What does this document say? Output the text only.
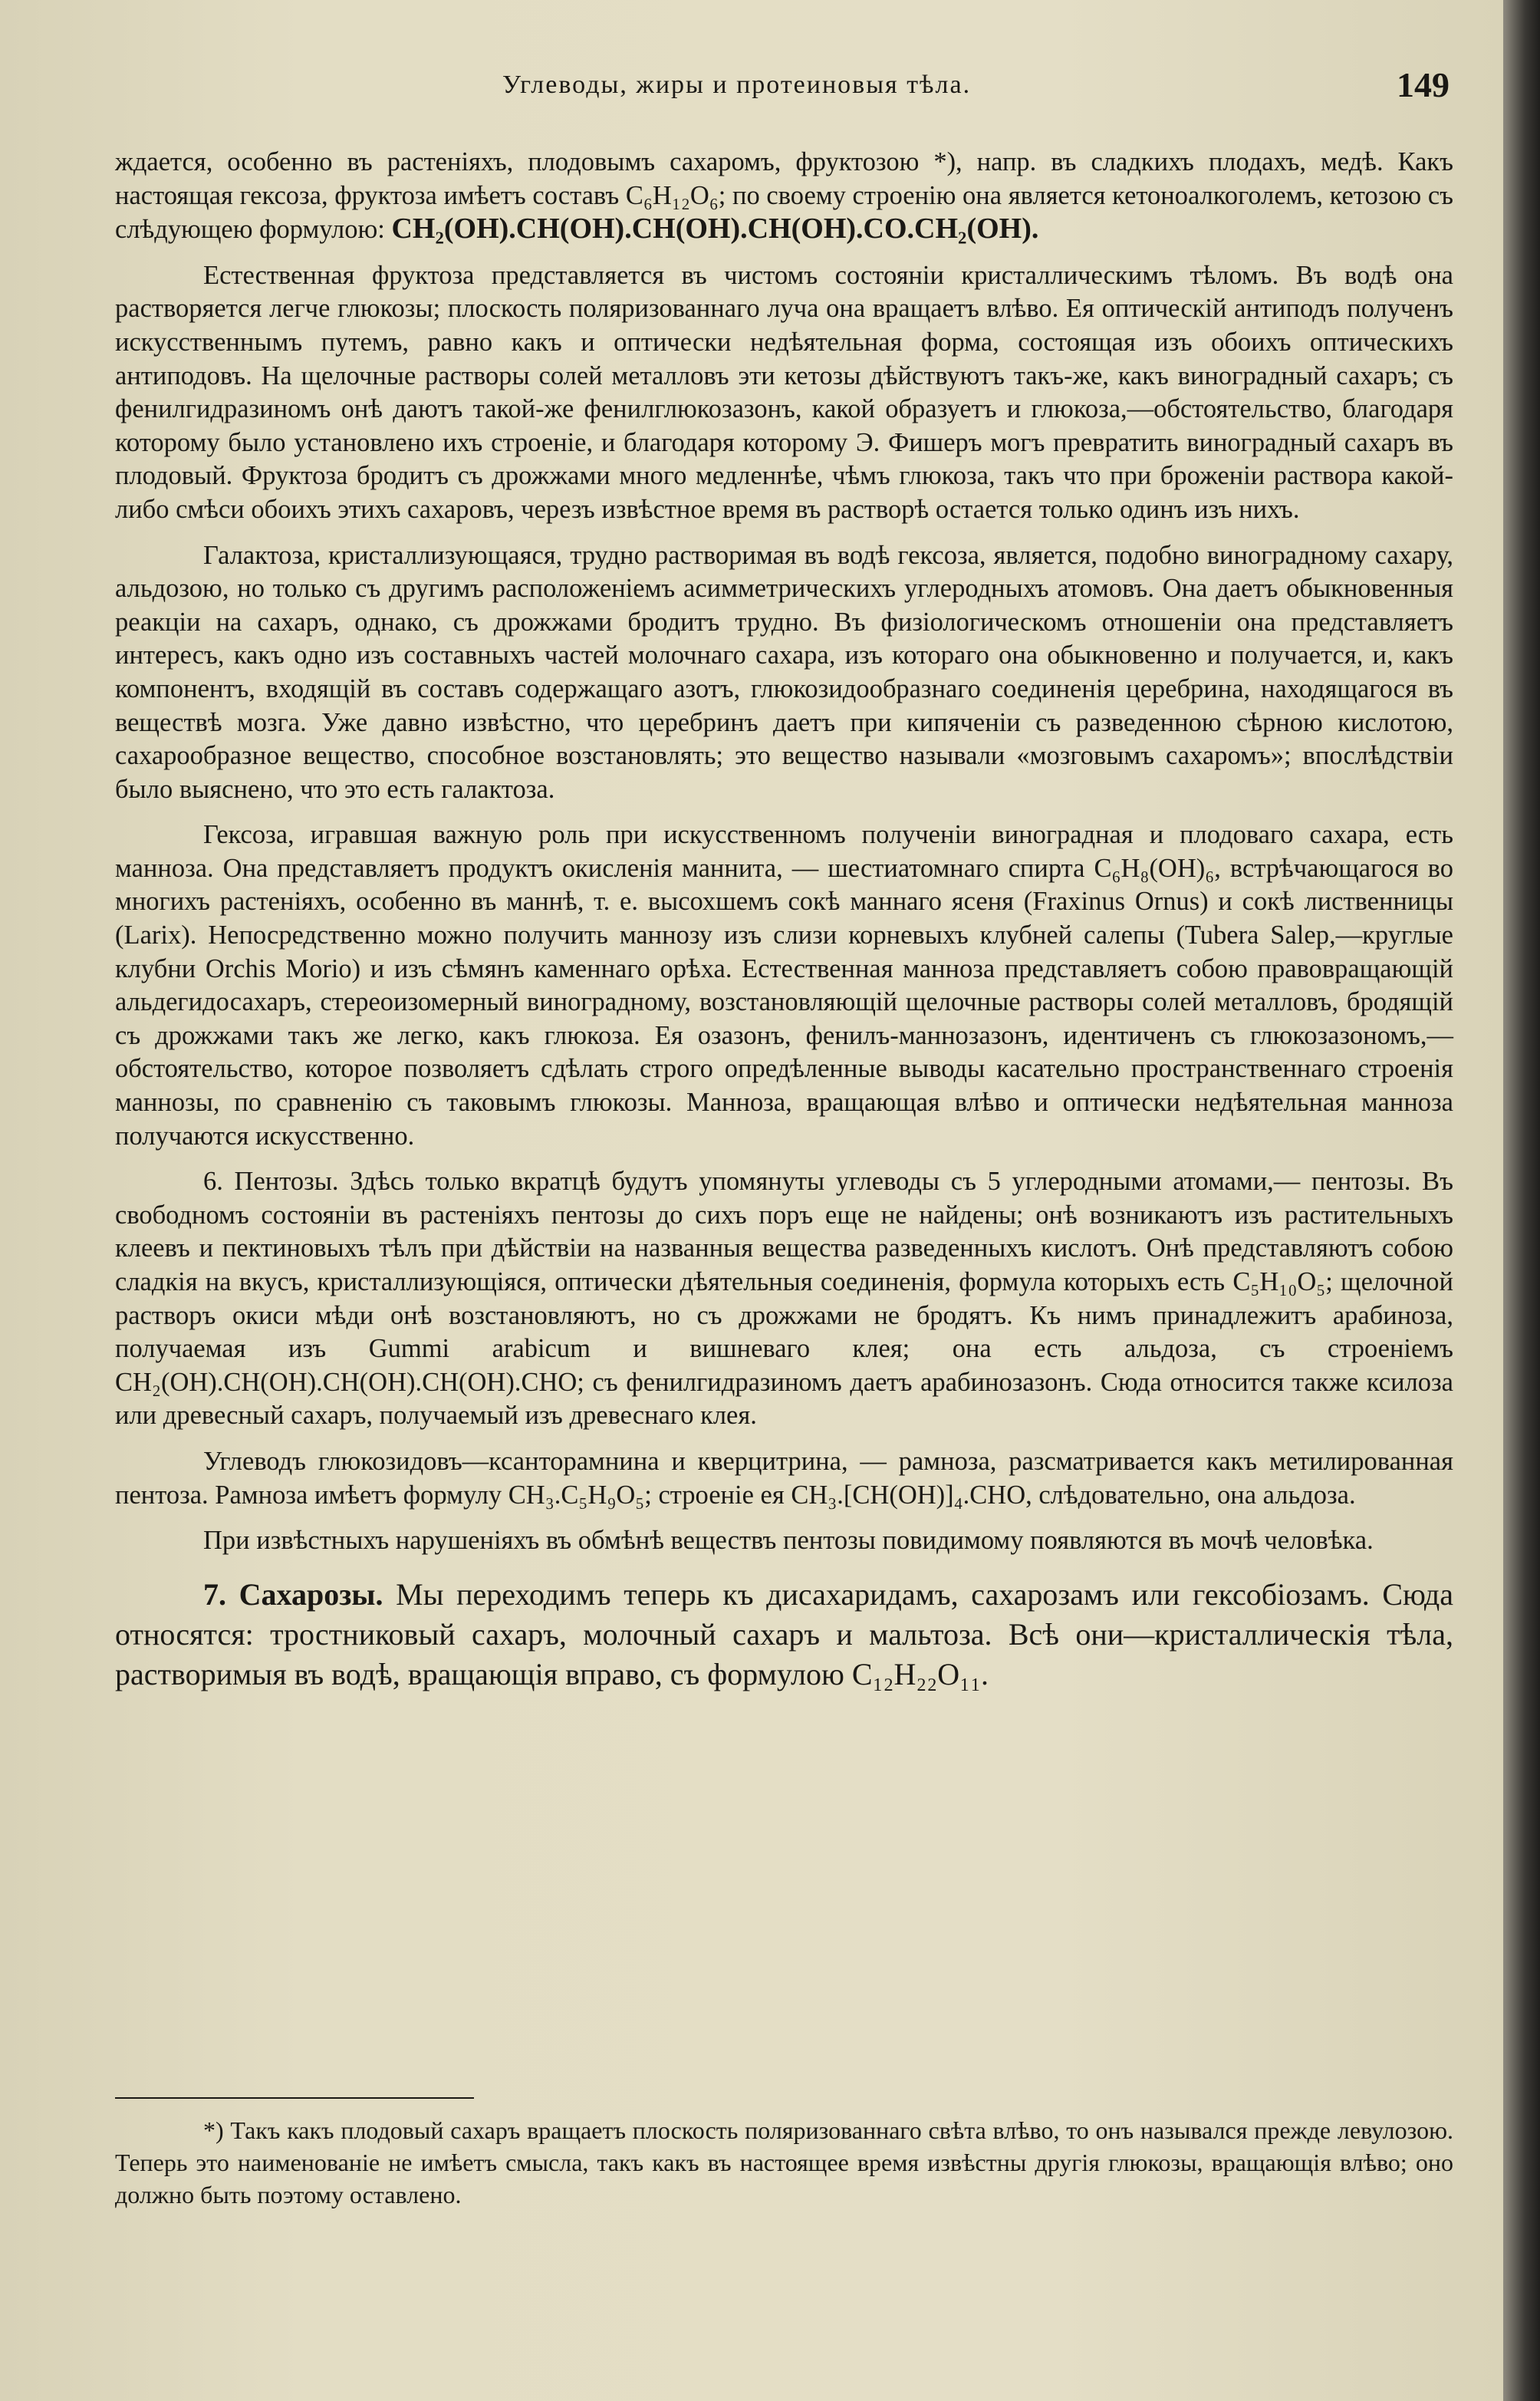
Углеводы, жиры и протеиновыя тѣла.	149

ждается, особенно въ растеніяхъ, плодовымъ сахаромъ, фруктозою *), напр. въ сладкихъ плодахъ, медѣ. Какъ настоящая гексоза, фруктоза имѣетъ составъ C₆H₁₂O₆; по своему строенію она является кетоноалкоголемъ, кетозою съ слѣдующею формулою: CH₂(OH).CH(OH).CH(OH).CH(OH).CO.CH₂(OH).

Естественная фруктоза представляется въ чистомъ состояніи кристаллическимъ тѣломъ. Въ водѣ она растворяется легче глюкозы; плоскость поляризованнаго луча она вращаетъ влѣво. Ея оптическій антиподъ полученъ искусственнымъ путемъ, равно какъ и оптически недѣятельная форма, состоящая изъ обоихъ оптическихъ антиподовъ. На щелочные растворы солей металловъ эти кетозы дѣйствуютъ такъ-же, какъ виноградный сахаръ; съ фенилгидразиномъ онѣ даютъ такой-же фенилглюкозазонъ, какой образуетъ и глюкоза,—обстоятельство, благодаря которому было установлено ихъ строеніе, и благодаря которому Э. Фишеръ могъ превратить виноградный сахаръ въ плодовый. Фруктоза бродитъ съ дрожжами много медленнѣе, чѣмъ глюкоза, такъ что при броженіи раствора какой-либо смѣси обоихъ этихъ сахаровъ, черезъ извѣстное время въ растворѣ остается только одинъ изъ нихъ.

Галактоза, кристаллизующаяся, трудно растворимая въ водѣ гексоза, является, подобно виноградному сахару, альдозою, но только съ другимъ расположеніемъ асимметрическихъ углеродныхъ атомовъ. Она даетъ обыкновенныя реакціи на сахаръ, однако, съ дрожжами бродитъ трудно. Въ физіологическомъ отношеніи она представляетъ интересъ, какъ одно изъ составныхъ частей молочнаго сахара, изъ котораго она обыкновенно и получается, и, какъ компонентъ, входящій въ составъ содержащаго азотъ, глюкозидообразнаго соединенія церебрина, находящагося въ веществѣ мозга. Уже давно извѣстно, что церебринъ даетъ при кипяченіи съ разведенною сѣрною кислотою, сахарообразное вещество, способное возстановлять; это вещество называли «мозговымъ сахаромъ»; впослѣдствіи было выяснено, что это есть галактоза.

Гексоза, игравшая важную роль при искусственномъ полученіи виноградная и плодоваго сахара, есть манноза. Она представляетъ продуктъ окисленія маннита, — шестиатомнаго спирта C₆H₈(OH)₆, встрѣчающагося во многихъ растеніяхъ, особенно въ маннѣ, т. е. высохшемъ сокѣ маннаго ясеня (Fraxinus Ornus) и сокѣ лиственницы (Larix). Непосредственно можно получить маннозу изъ слизи корневыхъ клубней салепы (Tubera Salep,—круглые клубни Orchis Morio) и изъ сѣмянъ каменнаго орѣха. Естественная манноза представляетъ собою правовращающій альдегидосахаръ, стереоизомерный виноградному, возстановляющій щелочные растворы солей металловъ, бродящій съ дрожжами такъ же легко, какъ глюкоза. Ея озазонъ, фенилъ-маннозазонъ, идентиченъ съ глюкозазономъ,—обстоятельство, которое позволяетъ сдѣлать строго опредѣленные выводы касательно пространственнаго строенія маннозы, по сравненію съ таковымъ глюкозы. Манноза, вращающая влѣво и оптически недѣятельная манноза получаются искусственно.

6. Пентозы. Здѣсь только вкратцѣ будутъ упомянуты углеводы съ 5 углеродными атомами,— пентозы. Въ свободномъ состояніи въ растеніяхъ пентозы до сихъ поръ еще не найдены; онѣ возникаютъ изъ растительныхъ клеевъ и пектиновыхъ тѣлъ при дѣйствіи на названныя вещества разведенныхъ кислотъ. Онѣ представляютъ собою сладкія на вкусъ, кристаллизующіяся, оптически дѣятельныя соединенія, формула которыхъ есть C₅H₁₀O₅; щелочной растворъ окиси мѣди онѣ возстановляютъ, но съ дрожжами не бродятъ. Къ нимъ принадлежитъ арабиноза, получаемая изъ Gummi arabicum и вишневаго клея; она есть альдоза, съ строеніемъ CH₂(OH).CH(OH).CH(OH).CH(OH).CHO; съ фенилгидразиномъ даетъ арабинозазонъ. Сюда относится также ксилоза или древесный сахаръ, получаемый изъ древеснаго клея.

Углеводъ глюкозидовъ—ксанторамнина и кверцитрина, — рамноза, разсматривается какъ метилированная пентоза. Рамноза имѣетъ формулу CH₃.C₅H₉O₅; строеніе ея CH₃.[CH(OH)]₄.CHO, слѣдовательно, она альдоза.

При извѣстныхъ нарушеніяхъ въ обмѣнѣ веществъ пентозы повидимому появляются въ мочѣ человѣка.

7. Сахарозы. Мы переходимъ теперь къ дисахаридамъ, сахарозамъ или гексобіозамъ. Сюда относятся: тростниковый сахаръ, молочный сахаръ и мальтоза. Всѣ они—кристаллическія тѣла, растворимыя въ водѣ, вращающія вправо, съ формулою C₁₂H₂₂O₁₁.

*) Такъ какъ плодовый сахаръ вращаетъ плоскость поляризованнаго свѣта влѣво, то онъ назывался прежде левулозою. Теперь это наименованіе не имѣетъ смысла, такъ какъ въ настоящее время извѣстны другія глюкозы, вращающія влѣво; оно должно быть поэтому оставлено.
